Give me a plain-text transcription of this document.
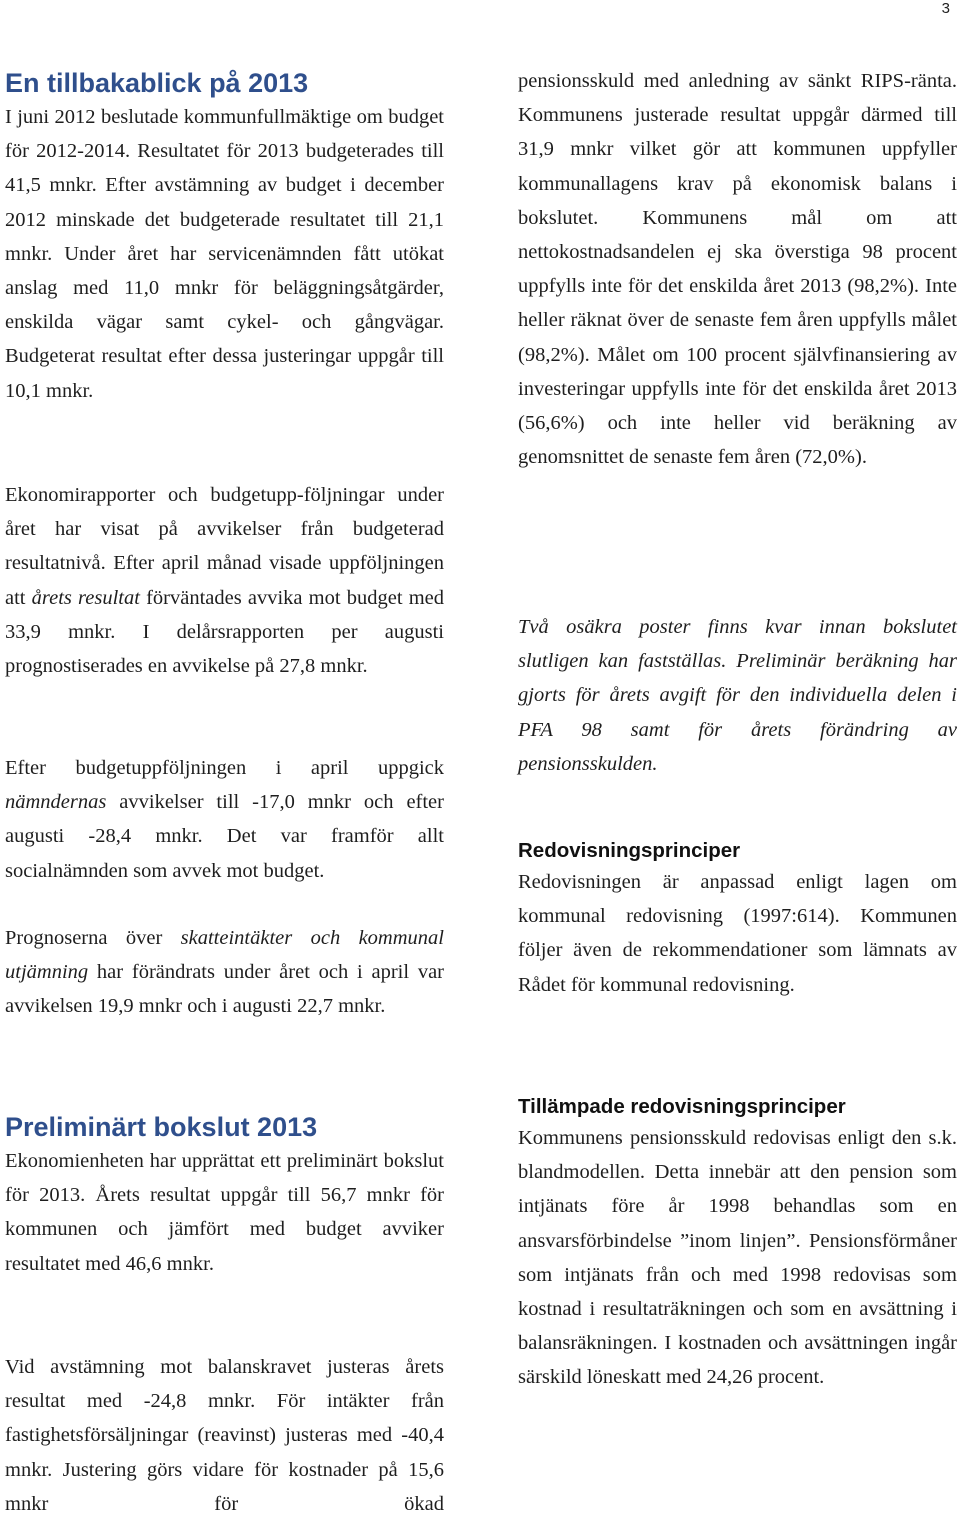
3
En tillbakablick på 2013

I juni 2012 beslutade kommunfullmäktige om budget för 2012-2014. Resultatet för 2013 budgeterades till 41,5 mnkr. Efter avstämning av budget i december 2012 minskade det budgeterade resultatet till 21,1 mnkr. Under året har servicenämnden fått utökat anslag med 11,0 mnkr för beläggningsåtgärder, enskilda vägar samt cykel- och gångvägar. Budgeterat resultat efter dessa justeringar uppgår till 10,1 mnkr.

Ekonomirapporter och budgetupp-följningar under året har visat på avvikelser från budgeterad resultatnivå. Efter april månad visade uppföljningen att årets resultat förväntades avvika mot budget med 33,9 mnkr. I delårsrapporten per augusti prognostiserades en avvikelse på 27,8 mnkr.

Efter budgetuppföljningen i april uppgick nämndernas avvikelser till -17,0 mnkr och efter augusti -28,4 mnkr. Det var framför allt socialnämnden som avvek mot budget.

Prognoserna över skatteintäkter och kommunal utjämning har förändrats under året och i april var avvikelsen 19,9 mnkr och i augusti 22,7 mnkr.

Preliminärt bokslut 2013

Ekonomienheten har upprättat ett preliminärt bokslut för 2013. Årets resultat uppgår till 56,7 mnkr för kommunen och jämfört med budget avviker resultatet med 46,6 mnkr.

Vid avstämning mot balanskravet justeras årets resultat med -24,8 mnkr. För intäkter från fastighetsförsäljningar (reavinst) justeras med -40,4 mnkr. Justering görs vidare för kostnader på 15,6 mnkr för ökad

pensionsskuld med anledning av sänkt RIPS-ränta. Kommunens justerade resultat uppgår därmed till 31,9 mnkr vilket gör att kommunen uppfyller kommunallagens krav på ekonomisk balans i bokslutet. Kommunens mål om att nettokostnadsandelen ej ska överstiga 98 procent uppfylls inte för det enskilda året 2013 (98,2%). Inte heller räknat över de senaste fem åren uppfylls målet (98,2%). Målet om 100 procent självfinansiering av investeringar uppfylls inte för det enskilda året 2013 (56,6%) och inte heller vid beräkning av genomsnittet de senaste fem åren (72,0%).

Två osäkra poster finns kvar innan bokslutet slutligen kan fastställas. Preliminär beräkning har gjorts för årets avgift för den individuella delen i PFA 98 samt för årets förändring av pensionsskulden.

Redovisningsprinciper

Redovisningen är anpassad enligt lagen om kommunal redovisning (1997:614). Kommunen följer även de rekommendationer som lämnats av Rådet för kommunal redovisning.

Tillämpade redovisningsprinciper

Kommunens pensionsskuld redovisas enligt den s.k. blandmodellen. Detta innebär att den pension som intjänats före år 1998 behandlas som en ansvarsförbindelse ”inom linjen”. Pensionsförmåner som intjänats från och med 1998 redovisas som kostnad i resultaträkningen och som en avsättning i balansräkningen. I kostnaden och avsättningen ingår särskild löneskatt med 24,26 procent.
